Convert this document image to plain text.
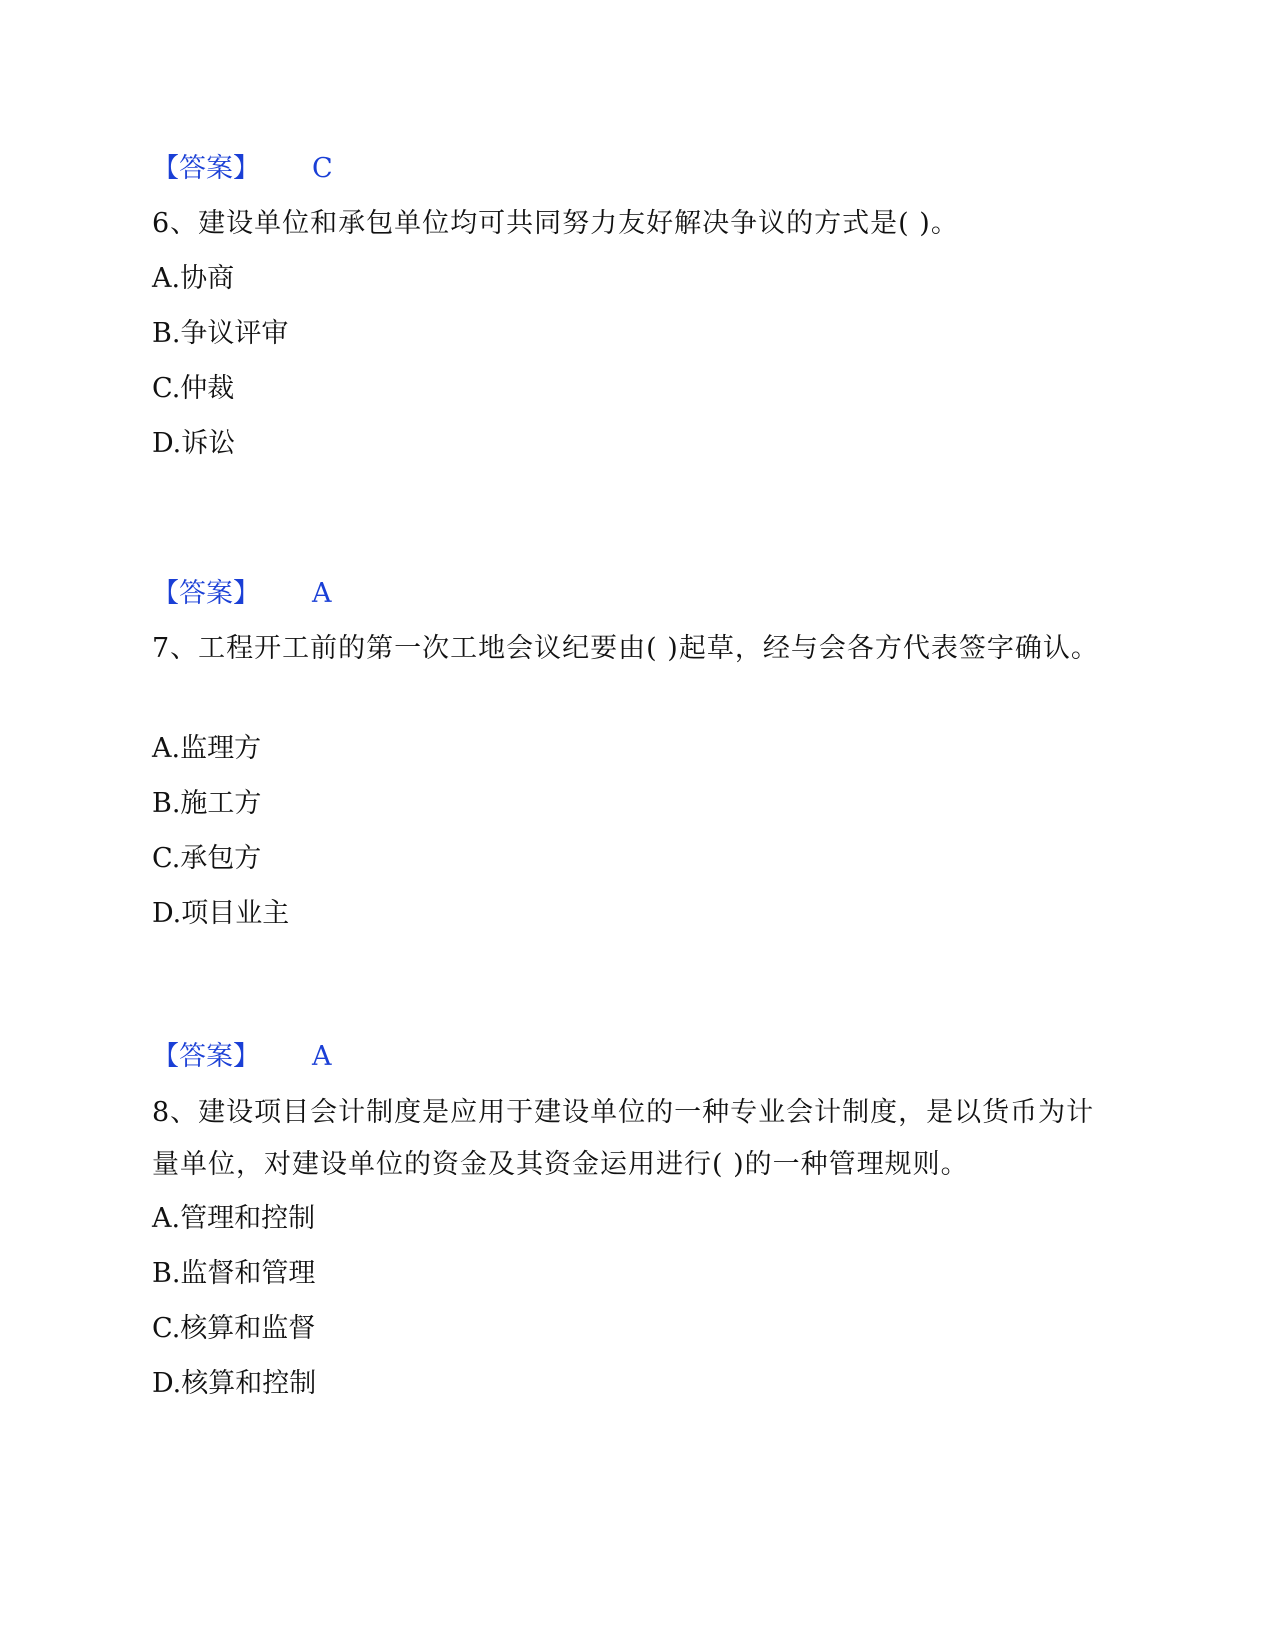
【答案】 C
6、建设单位和承包单位均可共同努力友好解决争议的方式是( )。
A.协商
B.争议评审
C.仲裁
D.诉讼
【答案】 A
7、工程开工前的第一次工地会议纪要由( )起草，经与会各方代表签字确认。
A.监理方
B.施工方
C.承包方
D.项目业主
【答案】 A
8、建设项目会计制度是应用于建设单位的一种专业会计制度，是以货币为计量单位，对建设单位的资金及其资金运用进行( )的一种管理规则。
A.管理和控制
B.监督和管理
C.核算和监督
D.核算和控制
